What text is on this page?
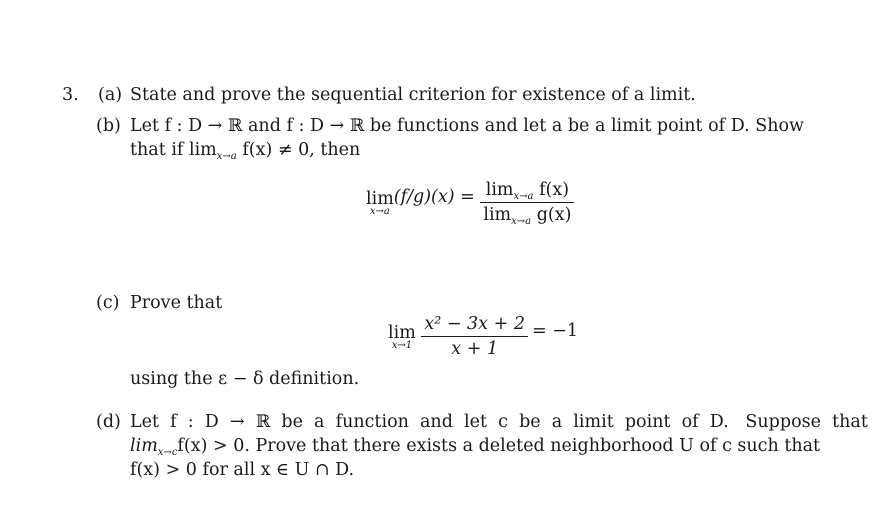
3. (a) State and prove the sequential criterion for existence of a limit.
(b) Let f : D → ℝ and f : D → ℝ be functions and let a be a limit point of D. Show
that if $\lim_{x\to a} f(x) \ne 0$, then
lim
x→a
$(f/g)(x) = \frac{\lim_{x\to a} f(x)}{\lim_{x\to a} g(x)}$
(c) Prove that
lim
x→1
$\frac{\text{x² − 3x + 2}}{x + 1} = -1$
using the ε − δ definition.
(d) Let  f  :  D  →  ℝ  be  a  function  and  let  c  be  a  limit  point  of  D.   Suppose  that
$\lim_{x\to c}f(x) > 0$. Prove that there exists a deleted neighborhood U of c such that
f(x) > 0 for all x ∈ U ∩ D.
